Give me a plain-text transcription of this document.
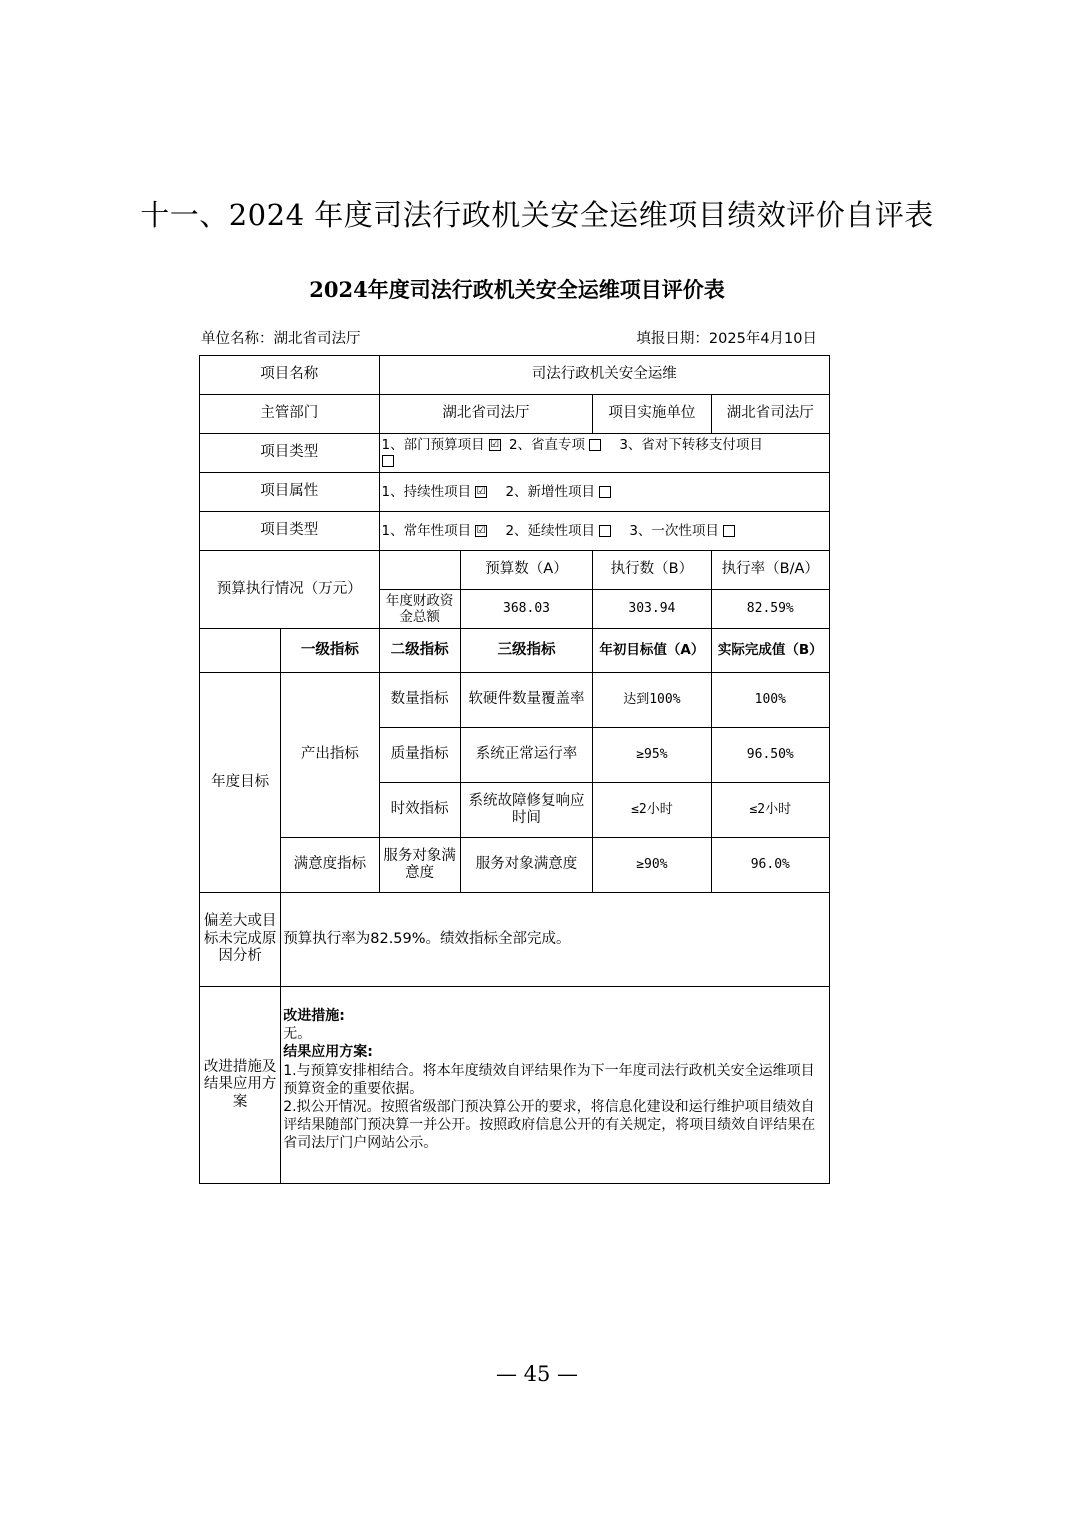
十一、2024 年度司法行政机关安全运维项目绩效评价自评表
2024年度司法行政机关安全运维项目评价表
单位名称：湖北省司法厅	填报日期：2025年4月10日
项目名称		司法行政机关安全运维			
主管部门		湖北省司法厅		项目实施单位	湖北省司法厅
项目类型		1、部门预算项目 ☑ 2、省直专项 3、省对下转移支付项目			

项目属性		1、持续性项目 ☑ 2、新增性项目			
项目类型		1、常年性项目 ☑ 2、延续性项目 3、一次性项目			
预算执行情况（万元）			预算数（A）	执行数（B）	执行率（B/A）
		年度财政资金总额	368.03	303.94	82.59%
	一级指标	二级指标	三级指标	年初目标值（A）	实际完成值（B）
年度目标	产出指标	数量指标	软硬件数量覆盖率	达到100%	100%
		质量指标	系统正常运行率	≥95%	96.50%
		时效指标	系统故障修复响应时间	≤2小时	≤2小时
	满意度指标	服务对象满意度	服务对象满意度	≥90%	96.0%
偏差大或目标未完成原因分析	预算执行率为82.59%。绩效指标全部完成。				
改进措施及结果应用方案	改进措施:
无。
结果应用方案:
1.与预算安排相结合。将本年度绩效自评结果作为下一年度司法行政机关安全运维项目预算资金的重要依据。
2.拟公开情况。按照省级部门预决算公开的要求，将信息化建设和运行维护项目绩效自评结果随部门预决算一并公开。按照政府信息公开的有关规定，将项目绩效自评结果在省司法厅门户网站公示。				
— 45 —
